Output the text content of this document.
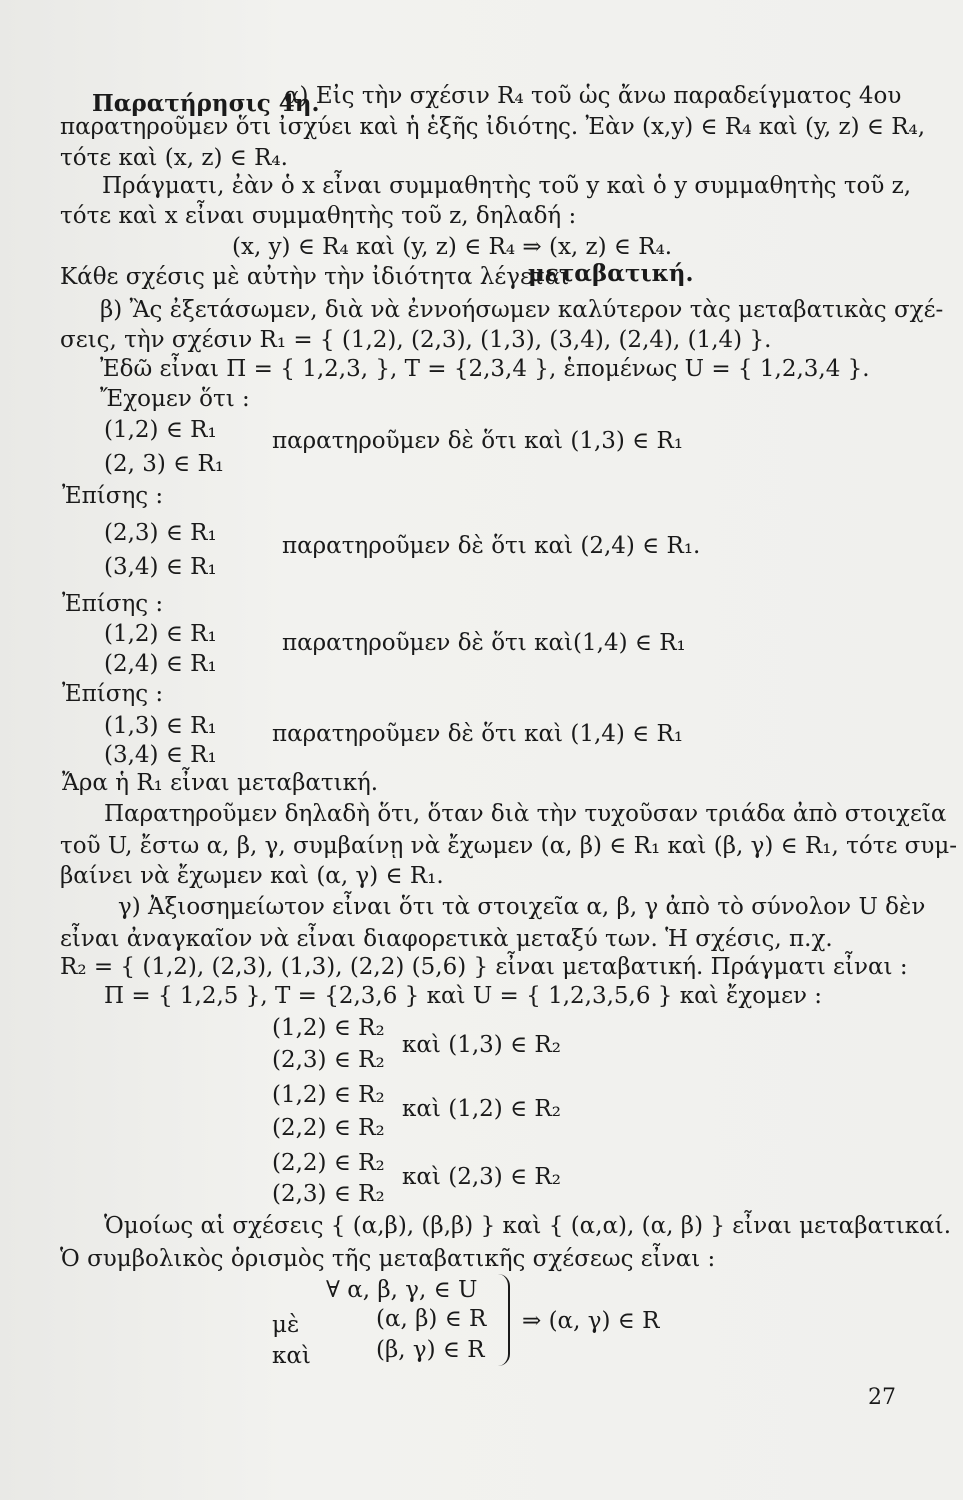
Παρατήρησις 4η.
α) Εἰς τὴν σχέσιν R₄ τοῦ ὡς ἄνω παραδείγματος 4ου
παρατηροῦμεν ὅτι ἰσχύει καὶ ἡ ἑξῆς ἰδιότης. Ἐὰν (x,y) ∈ R₄ καὶ (y, z) ∈ R₄,
τότε καὶ (x, z) ∈ R₄.
Πράγματι, ἐὰν ὁ x εἶναι συμμαθητὴς τοῦ y καὶ ὁ y συμμαθητὴς τοῦ z,
τότε καὶ x εἶναι συμμαθητὴς τοῦ z, δηλαδή :
(x, y) ∈ R₄ καὶ (y, z) ∈ R₄ ⇒ (x, z) ∈ R₄.
Κάθε σχέσις μὲ αὐτὴν τὴν ἰδιότητα λέγεται
μεταβατική.
β) Ἂς ἐξετάσωμεν, διὰ νὰ ἐννοήσωμεν καλύτερον τὰς μεταβατικὰς σχέ-
σεις, τὴν σχέσιν R₁ = { (1,2), (2,3), (1,3), (3,4), (2,4), (1,4) }.
Ἐδῶ εἶναι Π = { 1,2,3, }, Τ = {2,3,4 }, ἑπομένως U = { 1,2,3,4 }.
Ἔχομεν ὅτι :
(1,2) ∈ R₁ παρατηροῦμεν δὲ ὅτι καὶ (1,3) ∈ R₁
(2, 3) ∈ R₁
Ἐπίσης :
(2,3) ∈ R₁	παρατηροῦμεν δὲ ὅτι καὶ (2,4) ∈ R₁.
(3,4) ∈ R₁
Ἐπίσης :
(1,2) ∈ R₁	παρατηροῦμεν δὲ ὅτι καὶ(1,4) ∈ R₁
(2,4) ∈ R₁
Ἐπίσης :
(1,3) ∈ R₁ παρατηροῦμεν δὲ ὅτι καὶ (1,4) ∈ R₁
(3,4) ∈ R₁
Ἄρα ἡ R₁ εἶναι μεταβατική.
Παρατηροῦμεν δηλαδὴ ὅτι, ὅταν διὰ τὴν τυχοῦσαν τριάδα ἀπὸ στοιχεῖα
τοῦ U, ἔστω α, β, γ, συμβαίνῃ νὰ ἔχωμεν (α, β) ∈ R₁ καὶ (β, γ) ∈ R₁, τότε συμ-
βαίνει νὰ ἔχωμεν καὶ (α, γ) ∈ R₁.
γ) Ἀξιοσημείωτον εἶναι ὅτι τὰ στοιχεῖα α, β, γ ἀπὸ τὸ σύνολον U δὲν
εἶναι ἀναγκαῖον νὰ εἶναι διαφορετικὰ μεταξύ των. Ἡ σχέσις, π.χ.
R₂ = { (1,2), (2,3), (1,3), (2,2) (5,6) } εἶναι μεταβατική. Πράγματι εἶναι :
Π = { 1,2,5 }, Τ = {2,3,6 } καὶ U = { 1,2,3,5,6 } καὶ ἔχομεν :
(1,2) ∈ R₂
καὶ (1,3) ∈ R₂
(2,3) ∈ R₂
(1,2) ∈ R₂
καὶ (1,2) ∈ R₂
(2,2) ∈ R₂
(2,2) ∈ R₂
καὶ (2,3) ∈ R₂
(2,3) ∈ R₂
Ὁμοίως αἱ σχέσεις { (α,β), (β,β) } καὶ { (α,α), (α, β) } εἶναι μεταβατικαί.
Ὁ συμβολικὸς ὁρισμὸς τῆς μεταβατικῆς σχέσεως εἶναι :
∀ α, β, γ, ∈ U
μὲ	(α, β) ∈ R ⇒ (α, γ) ∈ R
καὶ	(β, γ) ∈ R
27
